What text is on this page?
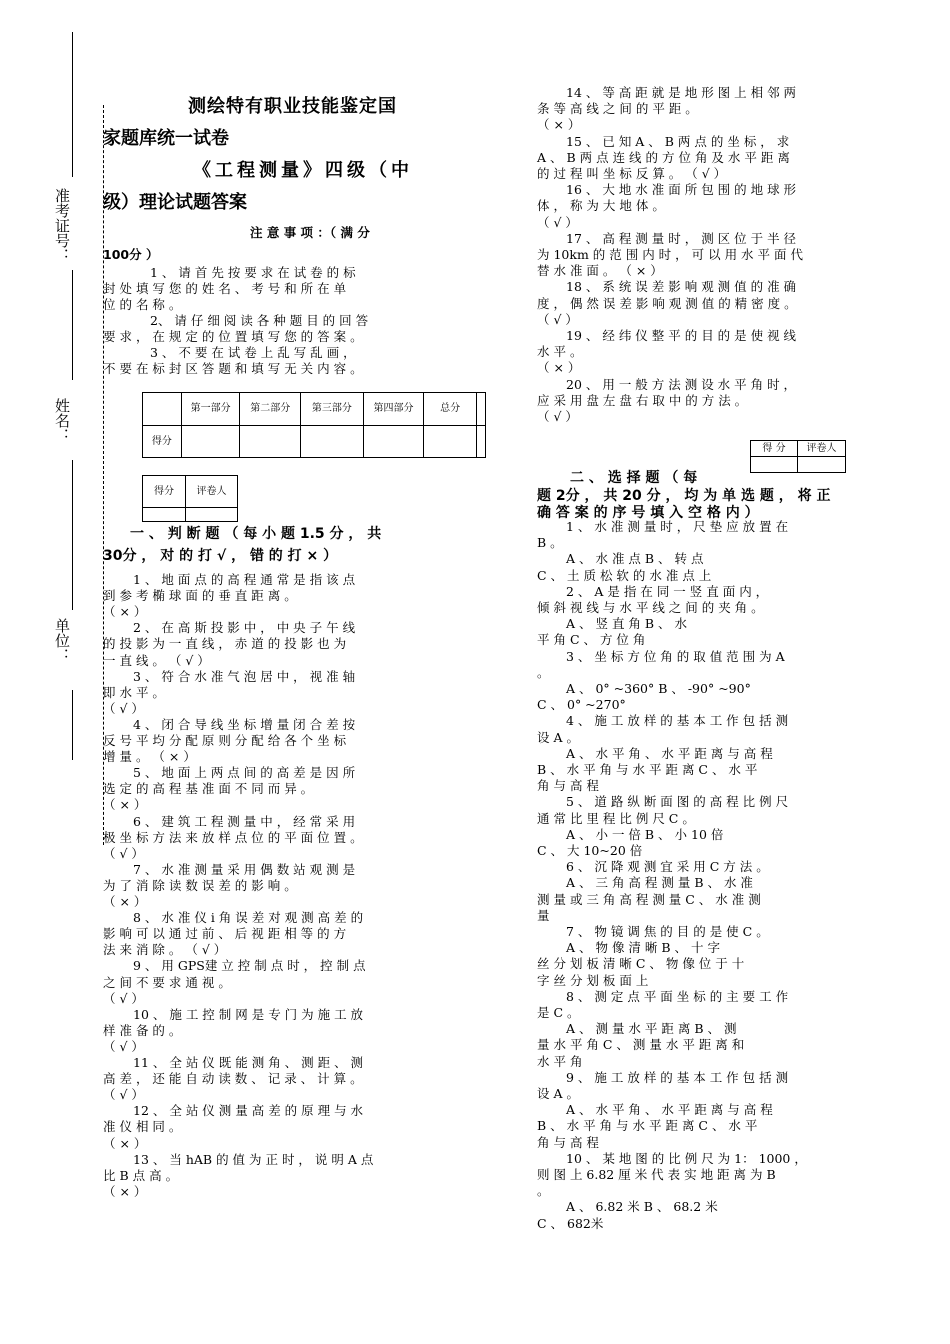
准考证号：
姓名：
单位：
测绘特有职业技能鉴定国
家题库统一试卷
《工程测量》四级（中
级）理论试题答案
注 意 事 项 ：（ 满 分
100分 ）
1 、 请 首 先 按 要 求 在 试 卷 的 标
封 处 填 写 您 的 姓 名 、 考 号 和 所 在 单
位 的 名 称 。
2、 请 仔 细 阅 读 各 种 题 目 的 回 答
要 求 ， 在 规 定 的 位 置 填 写 您 的 答 案 。
3 、 不 要 在 试 卷 上 乱 写 乱 画 ，
不 要 在 标 封 区 答 题 和 填 写 无 关 内 容 。
	第一部分	第二部分	第三部分	第四部分	总分	
得分						
得分	评卷人

一 、 判 断 题 （ 每 小 题 1.5 分 ， 共
30分 ， 对 的 打 √ ， 错 的 打 × ）
1 、 地 面 点 的 高 程 通 常 是 指 该 点
到 参 考 椭 球 面 的 垂 直 距 离 。
（ × ）
2 、 在 高 斯 投 影 中 ， 中 央 子 午 线
的 投 影 为 一 直 线 ， 赤 道 的 投 影 也 为
一 直 线 。 （ √ ）
3 、 符 合 水 准 气 泡 居 中 ， 视 准 轴
即 水 平 。
（ √ ）
4 、 闭 合 导 线 坐 标 增 量 闭 合 差 按
反 号 平 均 分 配 原 则 分 配 给 各 个 坐 标
增 量 。 （ × ）
5 、 地 面 上 两 点 间 的 高 差 是 因 所
选 定 的 高 程 基 准 面 不 同 而 异 。
（ × ）
6 、 建 筑 工 程 测 量 中 ， 经 常 采 用
极 坐 标 方 法 来 放 样 点 位 的 平 面 位 置 。
（ √ ）
7 、 水 准 测 量 采 用 偶 数 站 观 测 是
为 了 消 除 读 数 误 差 的 影 响 。
（ × ）
8 、 水 准 仪 i 角 误 差 对 观 测 高 差 的
影 响 可 以 通 过 前 、 后 视 距 相 等 的 方
法 来 消 除 。 （ √ ）
9 、 用 GPS建 立 控 制 点 时 ， 控 制 点
之 间 不 要 求 通 视 。
（ √ ）
10 、 施 工 控 制 网 是 专 门 为 施 工 放
样 准 备 的 。
（ √ ）
11 、 全 站 仪 既 能 测 角 、 测 距 、 测
高 差 ， 还 能 自 动 读 数 、 记 录 、 计 算 。
（ √ ）
12 、 全 站 仪 测 量 高 差 的 原 理 与 水
准 仪 相 同 。
（ × ）
13 、 当 hAB 的 值 为 正 时 ， 说 明 A 点
比 B 点 高 。
（ × ）
14 、 等 高 距 就 是 地 形 图 上 相 邻 两
条 等 高 线 之 间 的 平 距 。
（ × ）
15 、 已 知 A 、 B 两 点 的 坐 标 ， 求
A 、 B 两 点 连 线 的 方 位 角 及 水 平 距 离
的 过 程 叫 坐 标 反 算 。 （ √ ）
16 、 大 地 水 准 面 所 包 围 的 地 球 形
体 ， 称 为 大 地 体 。
（ √ ）
17 、 高 程 测 量 时 ， 测 区 位 于 半 径
为 10km 的 范 围 内 时 ， 可 以 用 水 平 面 代
替 水 准 面 。 （ × ）
18 、 系 统 误 差 影 响 观 测 值 的 准 确
度 ， 偶 然 误 差 影 响 观 测 值 的 精 密 度 。
（ √ ）
19 、 经 纬 仪 整 平 的 目 的 是 使 视 线
水 平 。
（ × ）
20 、 用 一 般 方 法 测 设 水 平 角 时 ，
应 采 用 盘 左 盘 右 取 中 的 方 法 。
（ √ ）
得 分	评卷人

二 、 选 择 题 （ 每
题 2分 ， 共 20 分 ， 均 为 单 选 题 ， 将 正
确 答 案 的 序 号 填 入 空 格 内 ）
1 、 水 准 测 量 时 ， 尺 垫 应 放 置 在
B 。
A 、 水 准 点 B 、 转 点
C 、 土 质 松 软 的 水 准 点 上
2 、 A 是 指 在 同 一 竖 直 面 内 ，
倾 斜 视 线 与 水 平 线 之 间 的 夹 角 。
A 、 竖 直 角 B 、 水
平 角 C 、 方 位 角
3 、 坐 标 方 位 角 的 取 值 范 围 为 A
。
A 、 0° ~360° B 、 -90° ~90°
C 、 0° ~270°
4 、 施 工 放 样 的 基 本 工 作 包 括 测
设 A 。
A 、 水 平 角 、 水 平 距 离 与 高 程
B 、 水 平 角 与 水 平 距 离 C 、 水 平
角 与 高 程
5 、 道 路 纵 断 面 图 的 高 程 比 例 尺
通 常 比 里 程 比 例 尺 C 。
A 、 小 一 倍 B 、 小 10 倍
C 、 大 10~20 倍
6 、 沉 降 观 测 宜 采 用 C 方 法 。
A 、 三 角 高 程 测 量 B 、 水 准
测 量 或 三 角 高 程 测 量 C 、 水 准 测
量
7 、 物 镜 调 焦 的 目 的 是 使 C 。
A 、 物 像 清 晰 B 、 十 字
丝 分 划 板 清 晰 C 、 物 像 位 于 十
字 丝 分 划 板 面 上
8 、 测 定 点 平 面 坐 标 的 主 要 工 作
是 C 。
A 、 测 量 水 平 距 离 B 、 测
量 水 平 角 C 、 测 量 水 平 距 离 和
水 平 角
9 、 施 工 放 样 的 基 本 工 作 包 括 测
设 A 。
A 、 水 平 角 、 水 平 距 离 与 高 程
B 、 水 平 角 与 水 平 距 离 C 、 水 平
角 与 高 程
10 、 某 地 图 的 比 例 尺 为 1： 1000 ，
则 图 上 6.82 厘 米 代 表 实 地 距 离 为 B
。
A 、 6.82 米 B 、 68.2 米
C 、 682米
